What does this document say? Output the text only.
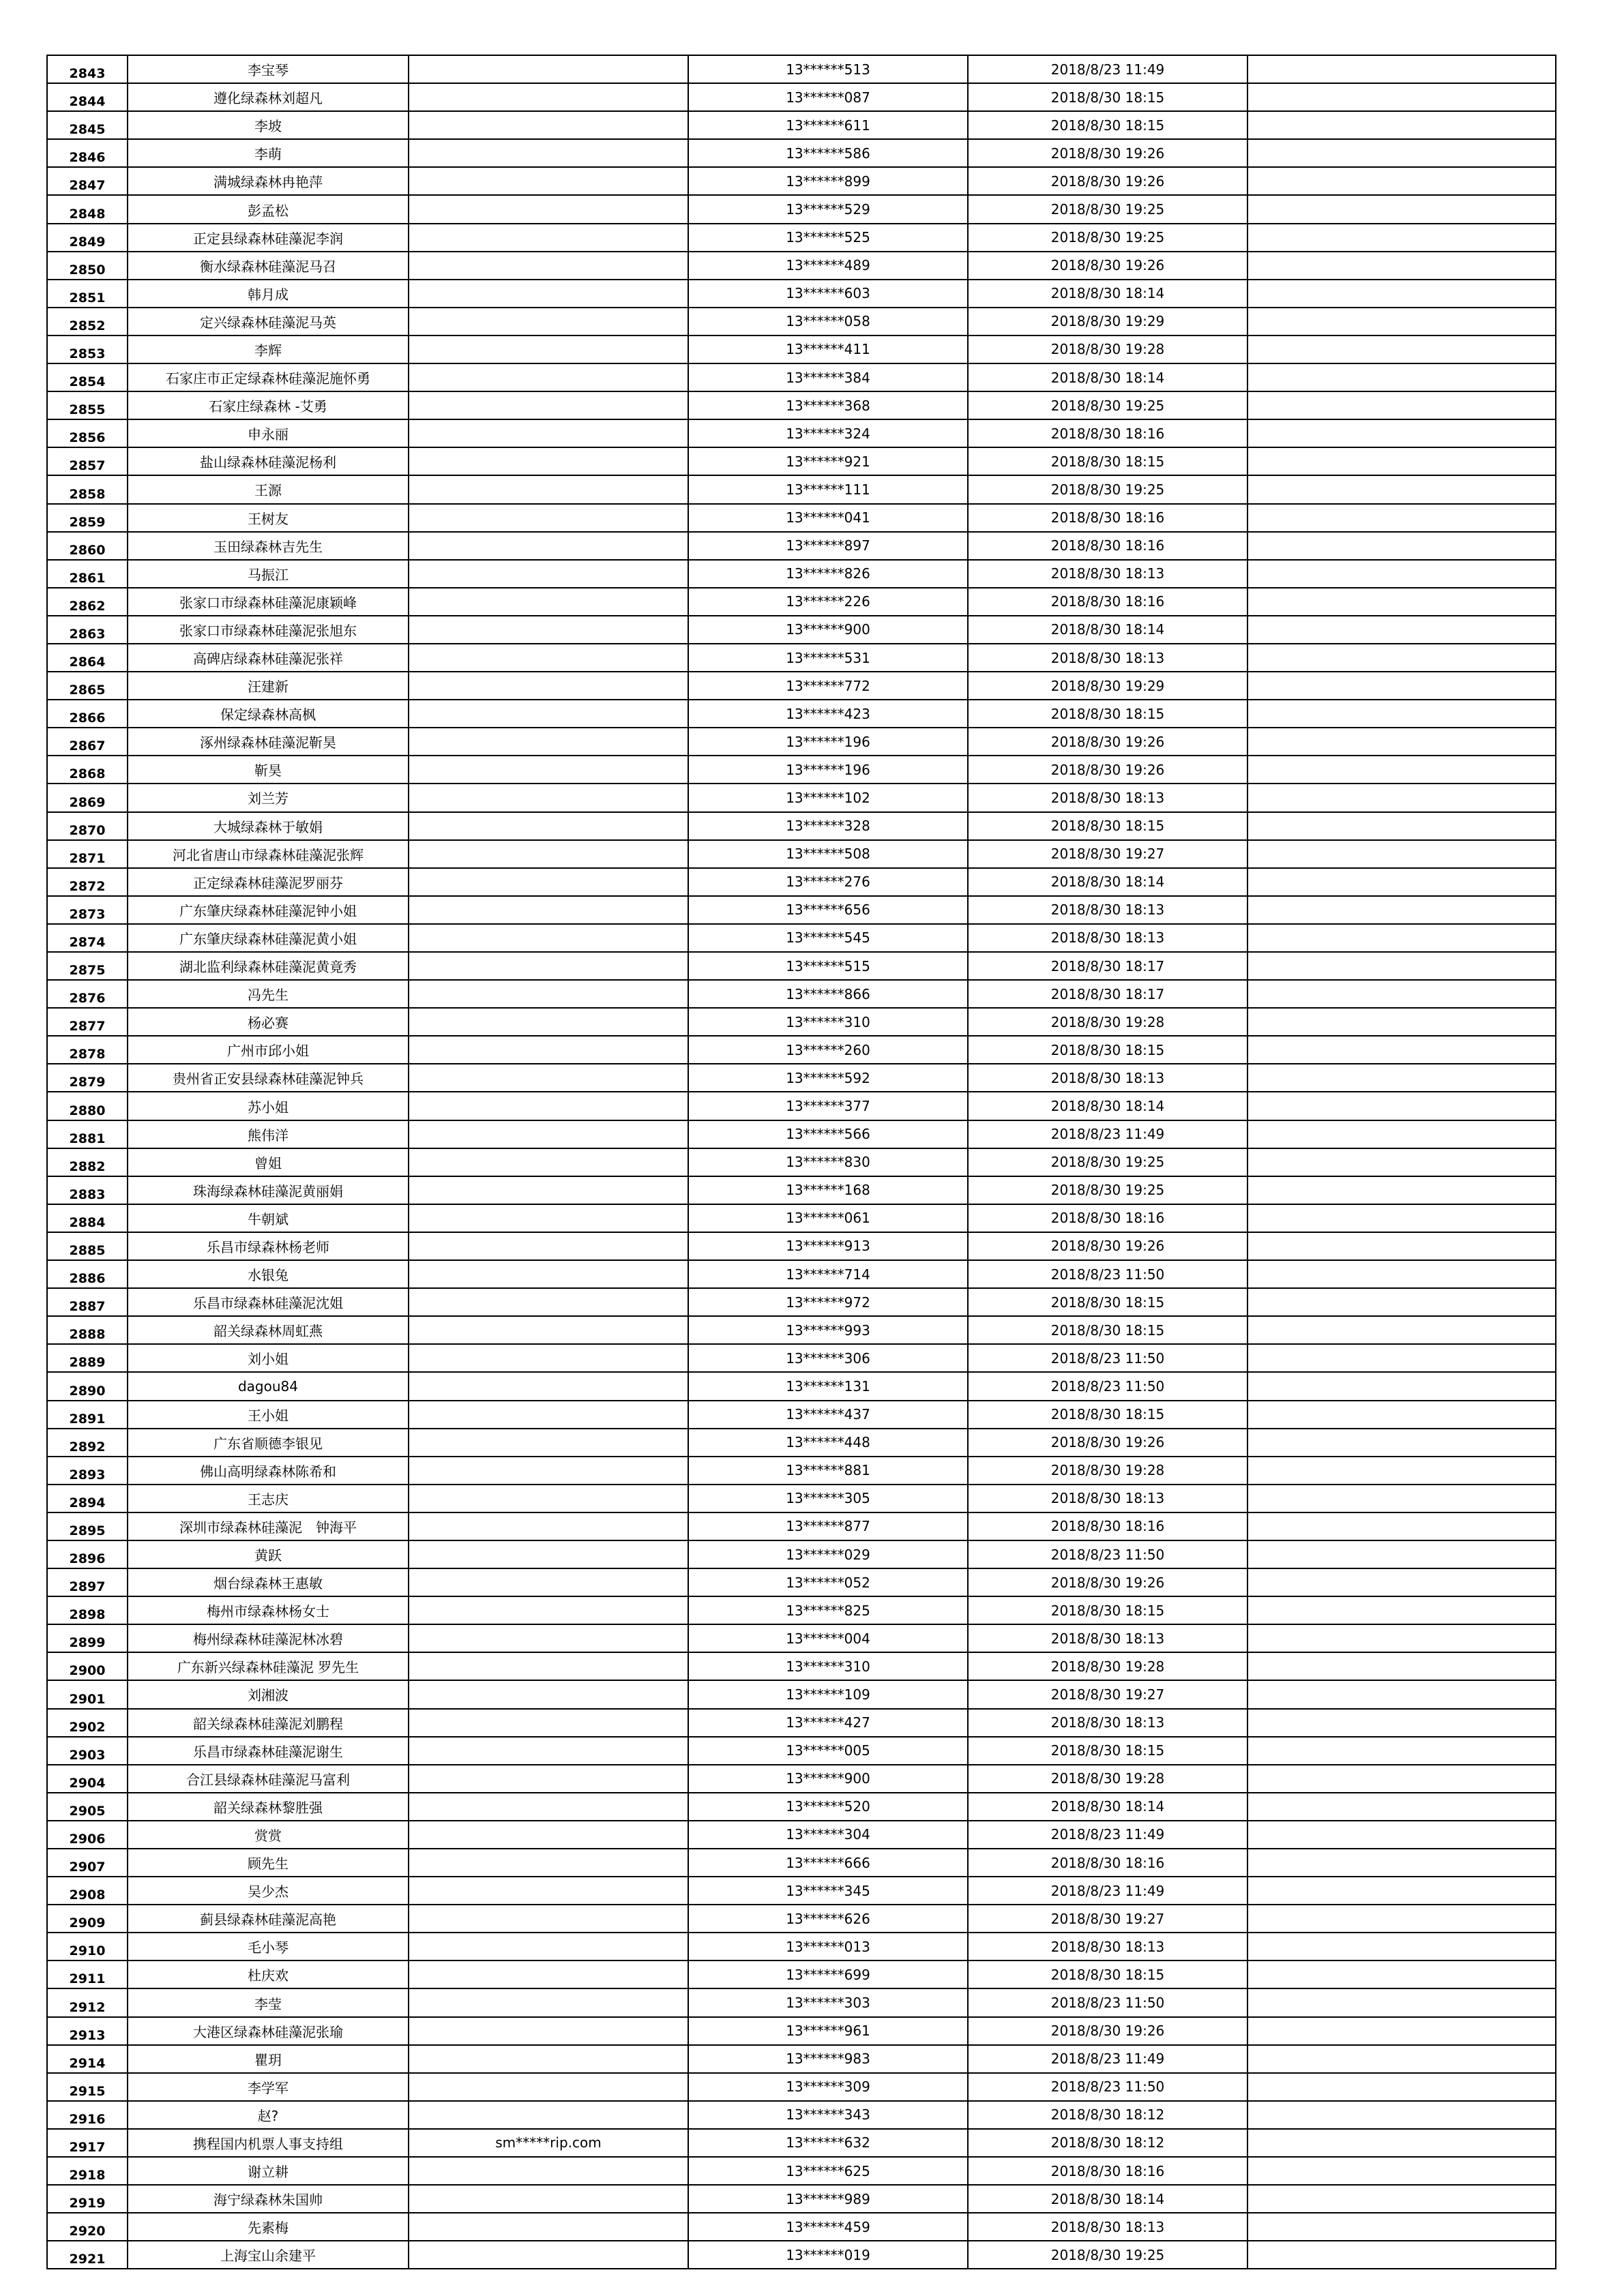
2843	李宝琴		13******513	2018/8/23 11:49	
2844	遵化绿森林刘超凡		13******087	2018/8/30 18:15	
2845	李坡		13******611	2018/8/30 18:15	
2846	李萌		13******586	2018/8/30 19:26	
2847	满城绿森林冉艳萍		13******899	2018/8/30 19:26	
2848	彭孟松		13******529	2018/8/30 19:25	
2849	正定县绿森林硅藻泥李润		13******525	2018/8/30 19:25	
2850	衡水绿森林硅藻泥马召		13******489	2018/8/30 19:26	
2851	韩月成		13******603	2018/8/30 18:14	
2852	定兴绿森林硅藻泥马英		13******058	2018/8/30 19:29	
2853	李辉		13******411	2018/8/30 19:28	
2854	石家庄市正定绿森林硅藻泥施怀勇		13******384	2018/8/30 18:14	
2855	石家庄绿森林 -艾勇		13******368	2018/8/30 19:25	
2856	申永丽		13******324	2018/8/30 18:16	
2857	盐山绿森林硅藻泥杨利		13******921	2018/8/30 18:15	
2858	王源		13******111	2018/8/30 19:25	
2859	王树友		13******041	2018/8/30 18:16	
2860	玉田绿森林吉先生		13******897	2018/8/30 18:16	
2861	马振江		13******826	2018/8/30 18:13	
2862	张家口市绿森林硅藻泥康颖峰		13******226	2018/8/30 18:16	
2863	张家口市绿森林硅藻泥张旭东		13******900	2018/8/30 18:14	
2864	高碑店绿森林硅藻泥张祥		13******531	2018/8/30 18:13	
2865	汪建新		13******772	2018/8/30 19:29	
2866	保定绿森林高枫		13******423	2018/8/30 18:15	
2867	涿州绿森林硅藻泥靳昊		13******196	2018/8/30 19:26	
2868	靳昊		13******196	2018/8/30 19:26	
2869	刘兰芳		13******102	2018/8/30 18:13	
2870	大城绿森林于敏娟		13******328	2018/8/30 18:15	
2871	河北省唐山市绿森林硅藻泥张辉		13******508	2018/8/30 19:27	
2872	正定绿森林硅藻泥罗丽芬		13******276	2018/8/30 18:14	
2873	广东肇庆绿森林硅藻泥钟小姐		13******656	2018/8/30 18:13	
2874	广东肇庆绿森林硅藻泥黄小姐		13******545	2018/8/30 18:13	
2875	湖北监利绿森林硅藻泥黄竟秀		13******515	2018/8/30 18:17	
2876	冯先生		13******866	2018/8/30 18:17	
2877	杨必赛		13******310	2018/8/30 19:28	
2878	广州市邱小姐		13******260	2018/8/30 18:15	
2879	贵州省正安县绿森林硅藻泥钟兵		13******592	2018/8/30 18:13	
2880	苏小姐		13******377	2018/8/30 18:14	
2881	熊伟洋		13******566	2018/8/23 11:49	
2882	曾姐		13******830	2018/8/30 19:25	
2883	珠海绿森林硅藻泥黄丽娟		13******168	2018/8/30 19:25	
2884	牛朝斌		13******061	2018/8/30 18:16	
2885	乐昌市绿森林杨老师		13******913	2018/8/30 19:26	
2886	水银兔		13******714	2018/8/23 11:50	
2887	乐昌市绿森林硅藻泥沈姐		13******972	2018/8/30 18:15	
2888	韶关绿森林周虹燕		13******993	2018/8/30 18:15	
2889	刘小姐		13******306	2018/8/23 11:50	
2890	dagou84		13******131	2018/8/23 11:50	
2891	王小姐		13******437	2018/8/30 18:15	
2892	广东省顺德李银见		13******448	2018/8/30 19:26	
2893	佛山高明绿森林陈希和		13******881	2018/8/30 19:28	
2894	王志庆		13******305	2018/8/30 18:13	
2895	深圳市绿森林硅藻泥　钟海平		13******877	2018/8/30 18:16	
2896	黄跃		13******029	2018/8/23 11:50	
2897	烟台绿森林王惠敏		13******052	2018/8/30 19:26	
2898	梅州市绿森林杨女士		13******825	2018/8/30 18:15	
2899	梅州绿森林硅藻泥林冰碧		13******004	2018/8/30 18:13	
2900	广东新兴绿森林硅藻泥 罗先生		13******310	2018/8/30 19:28	
2901	刘湘波		13******109	2018/8/30 19:27	
2902	韶关绿森林硅藻泥刘鹏程		13******427	2018/8/30 18:13	
2903	乐昌市绿森林硅藻泥谢生		13******005	2018/8/30 18:15	
2904	合江县绿森林硅藻泥马富利		13******900	2018/8/30 19:28	
2905	韶关绿森林黎胜强		13******520	2018/8/30 18:14	
2906	赏赏		13******304	2018/8/23 11:49	
2907	顾先生		13******666	2018/8/30 18:16	
2908	吴少杰		13******345	2018/8/23 11:49	
2909	蓟县绿森林硅藻泥高艳		13******626	2018/8/30 19:27	
2910	毛小琴		13******013	2018/8/30 18:13	
2911	杜庆欢		13******699	2018/8/30 18:15	
2912	李莹		13******303	2018/8/23 11:50	
2913	大港区绿森林硅藻泥张瑜		13******961	2018/8/30 19:26	
2914	瞿玥		13******983	2018/8/23 11:49	
2915	李学军		13******309	2018/8/23 11:50	
2916	赵?		13******343	2018/8/30 18:12	
2917	携程国内机票人事支持组	sm*****rip.com	13******632	2018/8/30 18:12	
2918	谢立耕		13******625	2018/8/30 18:16	
2919	海宁绿森林朱国帅		13******989	2018/8/30 18:14	
2920	先素梅		13******459	2018/8/30 18:13	
2921	上海宝山余建平		13******019	2018/8/30 19:25	
